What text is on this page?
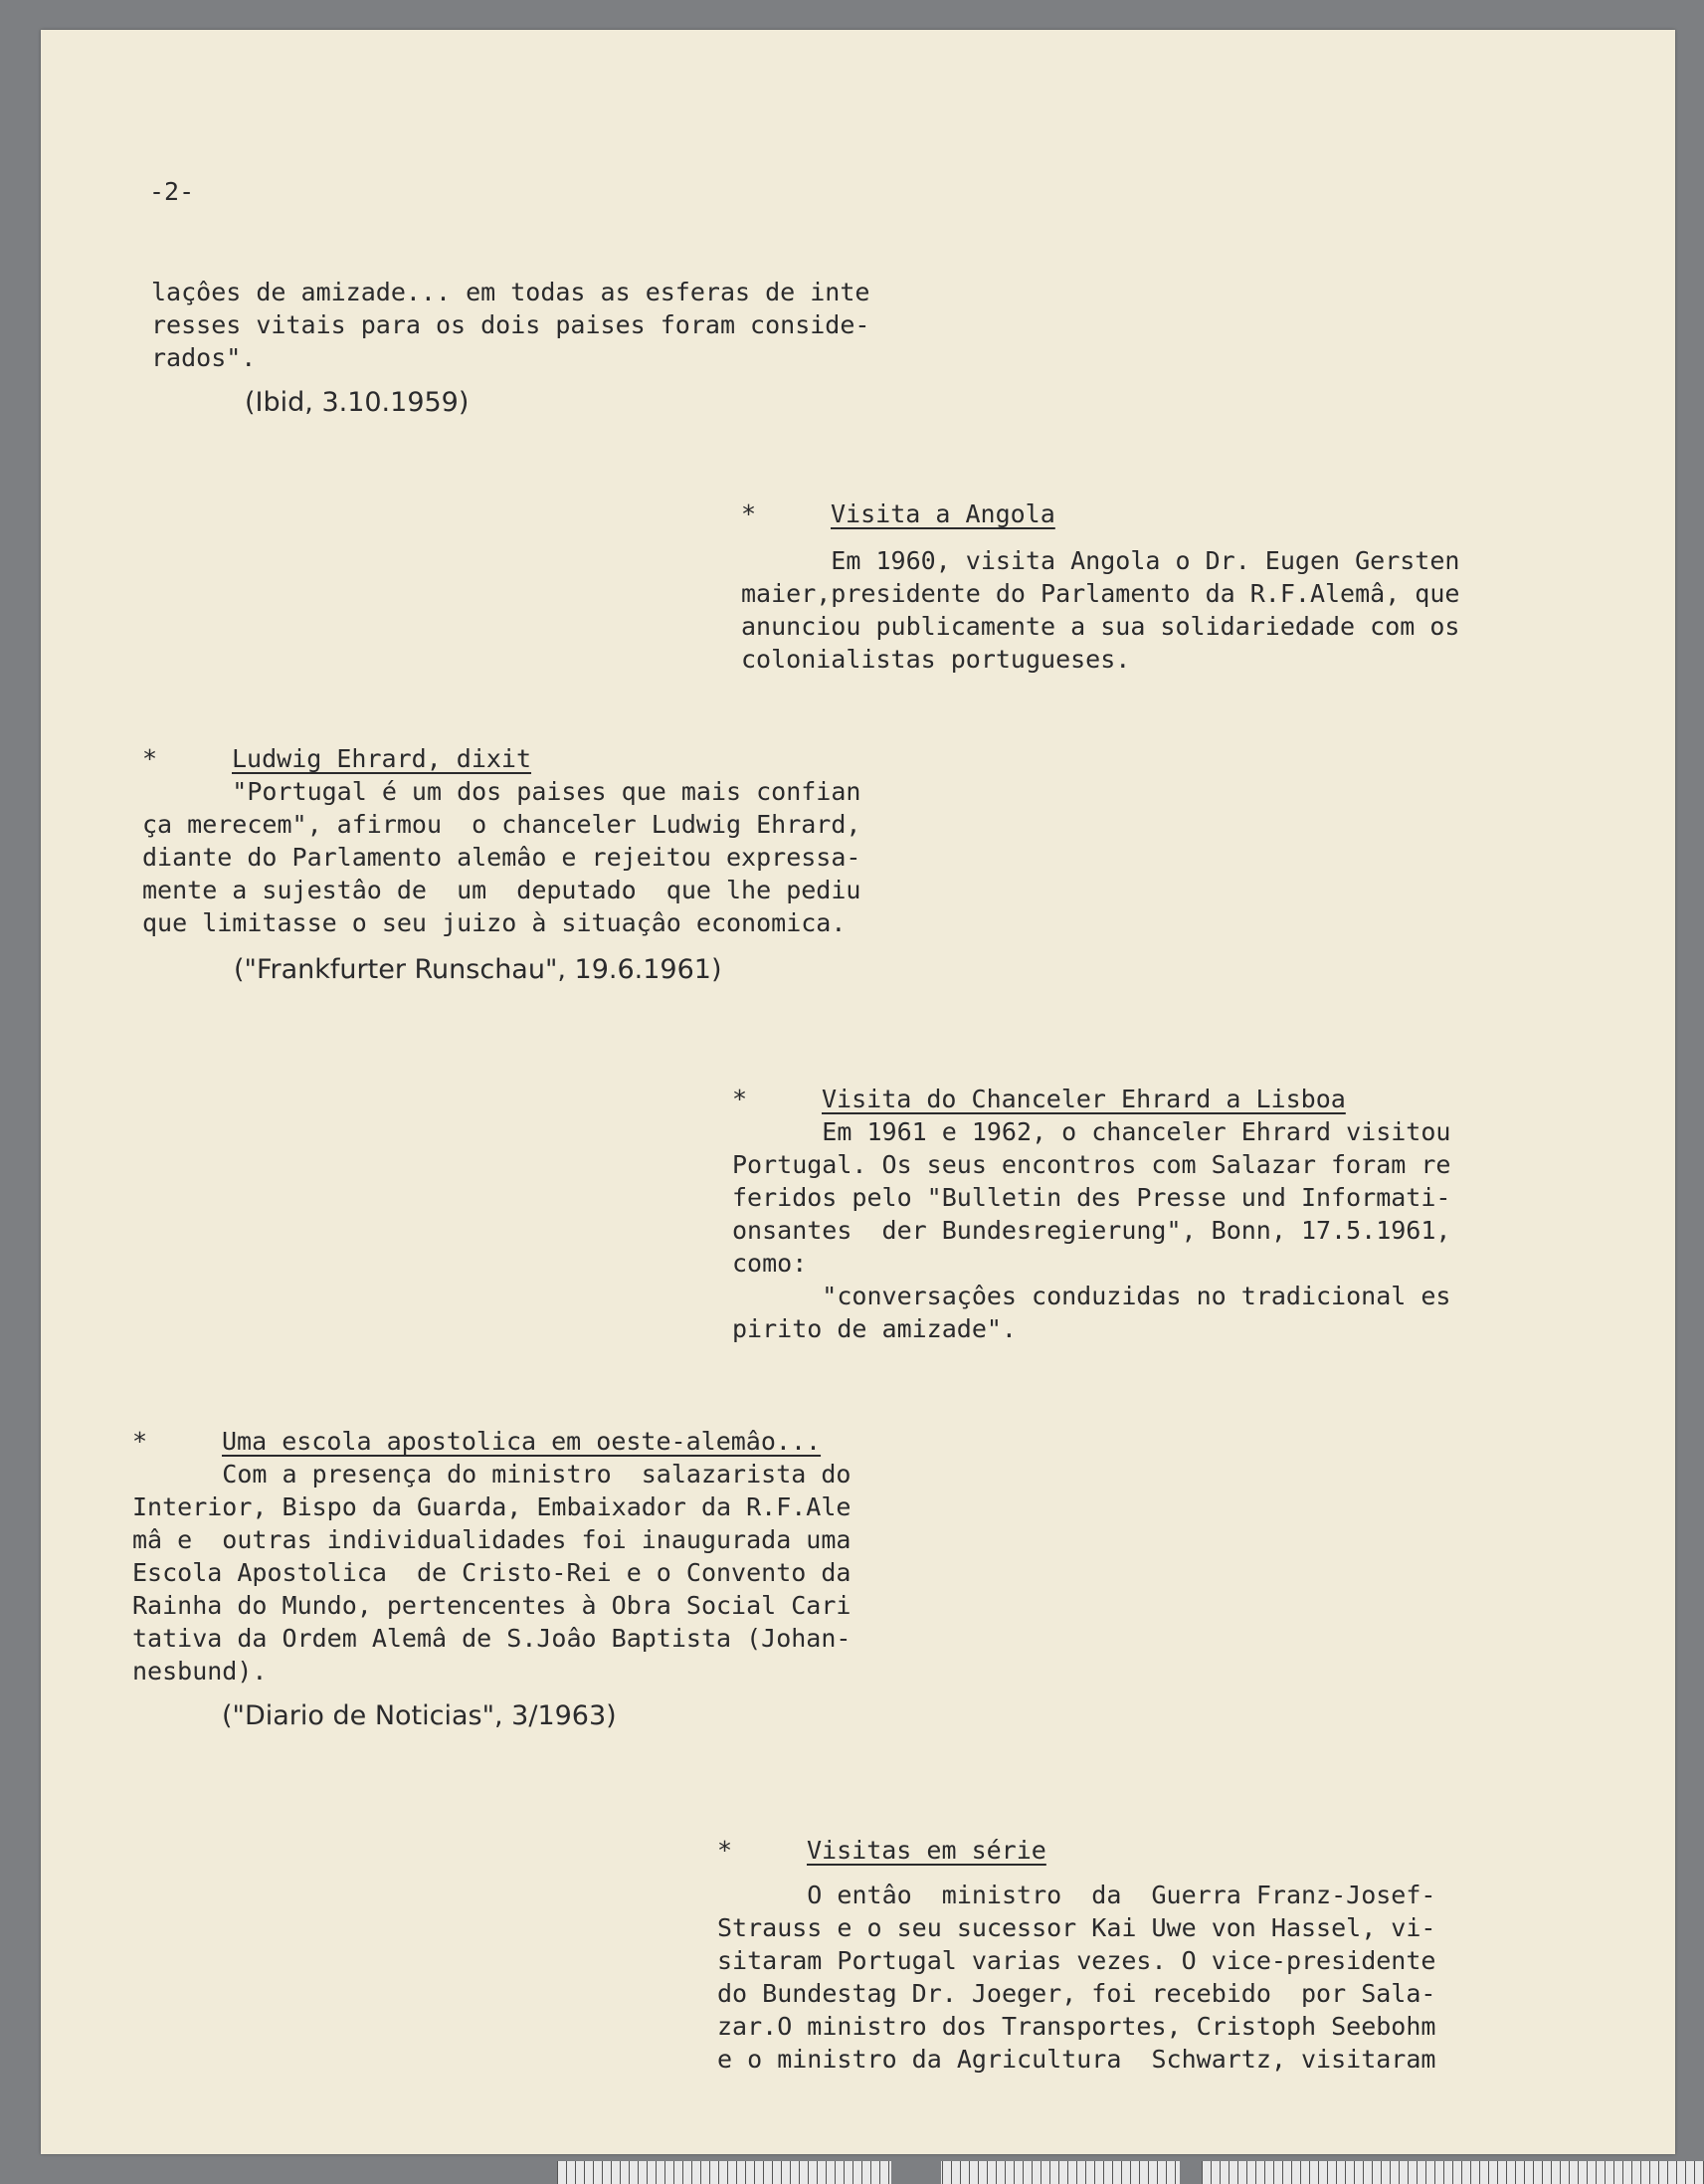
-2-
laçôes de amizade... em todas as esferas de inte
resses vitais para os dois paises foram conside-
rados".
(Ibid, 3.10.1959)
*	Visita a Angola
Em 1960, visita Angola o Dr. Eugen Gersten
maier,presidente do Parlamento da R.F.Alemâ, que
anunciou publicamente a sua solidariedade com os
colonialistas portugueses.
*	Ludwig Ehrard, dixit
"Portugal é um dos paises que mais confian
ça merecem", afirmou  o chanceler Ludwig Ehrard,
diante do Parlamento alemâo e rejeitou expressa-
mente a sujestâo de  um  deputado  que lhe pediu
que limitasse o seu juizo à situaçâo economica.
("Frankfurter Runschau", 19.6.1961)
*	Visita do Chanceler Ehrard a Lisboa
Em 1961 e 1962, o chanceler Ehrard visitou
Portugal. Os seus encontros com Salazar foram re
feridos pelo "Bulletin des Presse und Informati-
onsantes  der Bundesregierung", Bonn, 17.5.1961,
como:
"conversaçôes conduzidas no tradicional es
pirito de amizade".
*	Uma escola apostolica em oeste-alemâo...
Com a presença do ministro  salazarista do
Interior, Bispo da Guarda, Embaixador da R.F.Ale
mâ e  outras individualidades foi inaugurada uma
Escola Apostolica  de Cristo-Rei e o Convento da
Rainha do Mundo, pertencentes à Obra Social Cari
tativa da Ordem Alemâ de S.Joâo Baptista (Johan-
nesbund).
("Diario de Noticias", 3/1963)
*	Visitas em série
O entâo  ministro  da  Guerra Franz-Josef-
Strauss e o seu sucessor Kai Uwe von Hassel, vi-
sitaram Portugal varias vezes. O vice-presidente
do Bundestag Dr. Joeger, foi recebido  por Sala-
zar.O ministro dos Transportes, Cristoph Seebohm
e o ministro da Agricultura  Schwartz, visitaram
